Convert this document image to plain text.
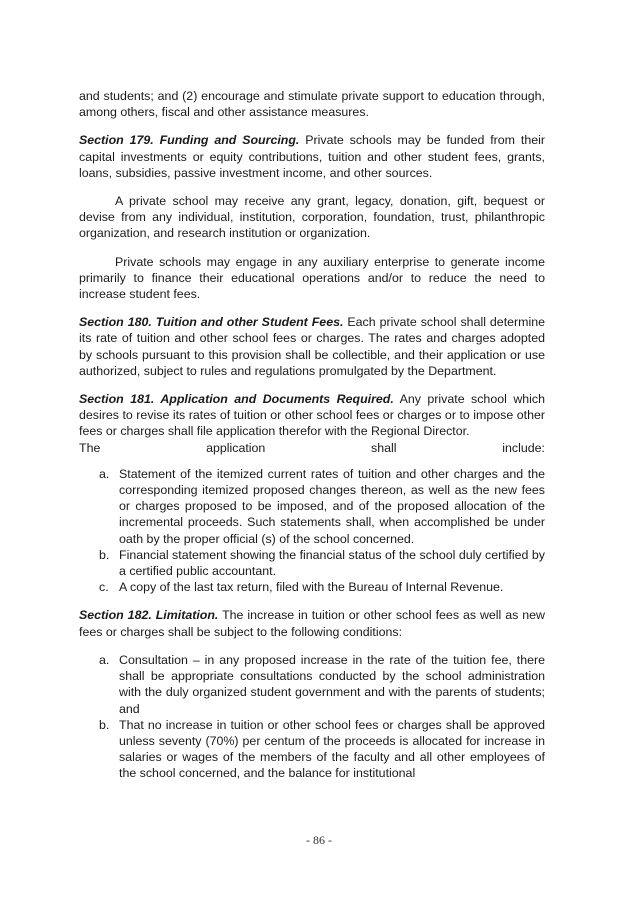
and students; and (2) encourage and stimulate private support to education through, among others, fiscal and other assistance measures.

Section 179. Funding and Sourcing. Private schools may be funded from their capital investments or equity contributions, tuition and other student fees, grants, loans, subsidies, passive investment income, and other sources.

A private school may receive any grant, legacy, donation, gift, bequest or devise from any individual, institution, corporation, foundation, trust, philanthropic organization, and research institution or organization.

Private schools may engage in any auxiliary enterprise to generate income primarily to finance their educational operations and/or to reduce the need to increase student fees.

Section 180. Tuition and other Student Fees. Each private school shall determine its rate of tuition and other school fees or charges. The rates and charges adopted by schools pursuant to this provision shall be collectible, and their application or use authorized, subject to rules and regulations promulgated by the Department.

Section 181. Application and Documents Required. Any private school which desires to revise its rates of tuition or other school fees or charges or to impose other fees or charges shall file application therefor with the Regional Director.
The	application	shall	include:

a. Statement of the itemized current rates of tuition and other charges and the corresponding itemized proposed changes thereon, as well as the new fees or charges proposed to be imposed, and of the proposed allocation of the incremental proceeds. Such statements shall, when accomplished be under oath by the proper official (s) of the school concerned.
b. Financial statement showing the financial status of the school duly certified by a certified public accountant.
c. A copy of the last tax return, filed with the Bureau of Internal Revenue.

Section 182. Limitation. The increase in tuition or other school fees as well as new fees or charges shall be subject to the following conditions:

a. Consultation – in any proposed increase in the rate of the tuition fee, there shall be appropriate consultations conducted by the school administration with the duly organized student government and with the parents of students; and
b. That no increase in tuition or other school fees or charges shall be approved unless seventy (70%) per centum of the proceeds is allocated for increase in salaries or wages of the members of the faculty and all other employees of the school concerned, and the balance for institutional
- 86 -
